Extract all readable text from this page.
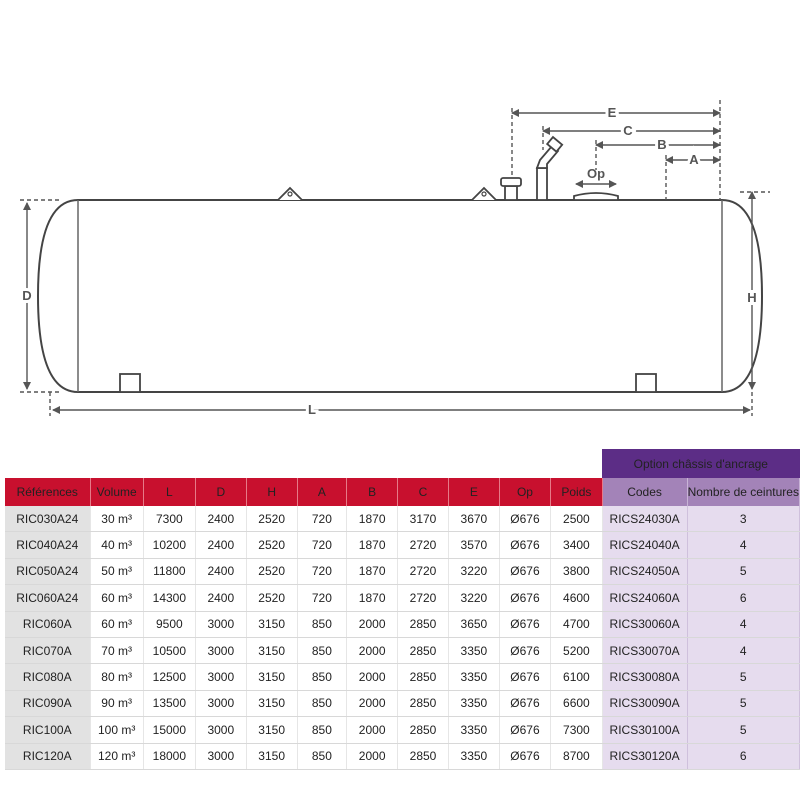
E
C
B
A
Op
D	H
L
											Option châssis d'ancrage	
Références	Volume	L	D	H	A	B	C	E	Op	Poids	Codes	Nombre de ceintures
RIC030A24	30 m³	7300	2400	2520	720	1870	3170	3670	Ø676	2500	RICS24030A	3
RIC040A24	40 m³	10200	2400	2520	720	1870	2720	3570	Ø676	3400	RICS24040A	4
RIC050A24	50 m³	11800	2400	2520	720	1870	2720	3220	Ø676	3800	RICS24050A	5
RIC060A24	60 m³	14300	2400	2520	720	1870	2720	3220	Ø676	4600	RICS24060A	6
RIC060A	60 m³	9500	3000	3150	850	2000	2850	3650	Ø676	4700	RICS30060A	4
RIC070A	70 m³	10500	3000	3150	850	2000	2850	3350	Ø676	5200	RICS30070A	4
RIC080A	80 m³	12500	3000	3150	850	2000	2850	3350	Ø676	6100	RICS30080A	5
RIC090A	90 m³	13500	3000	3150	850	2000	2850	3350	Ø676	6600	RICS30090A	5
RIC100A	100 m³	15000	3000	3150	850	2000	2850	3350	Ø676	7300	RICS30100A	5
RIC120A	120 m³	18000	3000	3150	850	2000	2850	3350	Ø676	8700	RICS30120A	6
